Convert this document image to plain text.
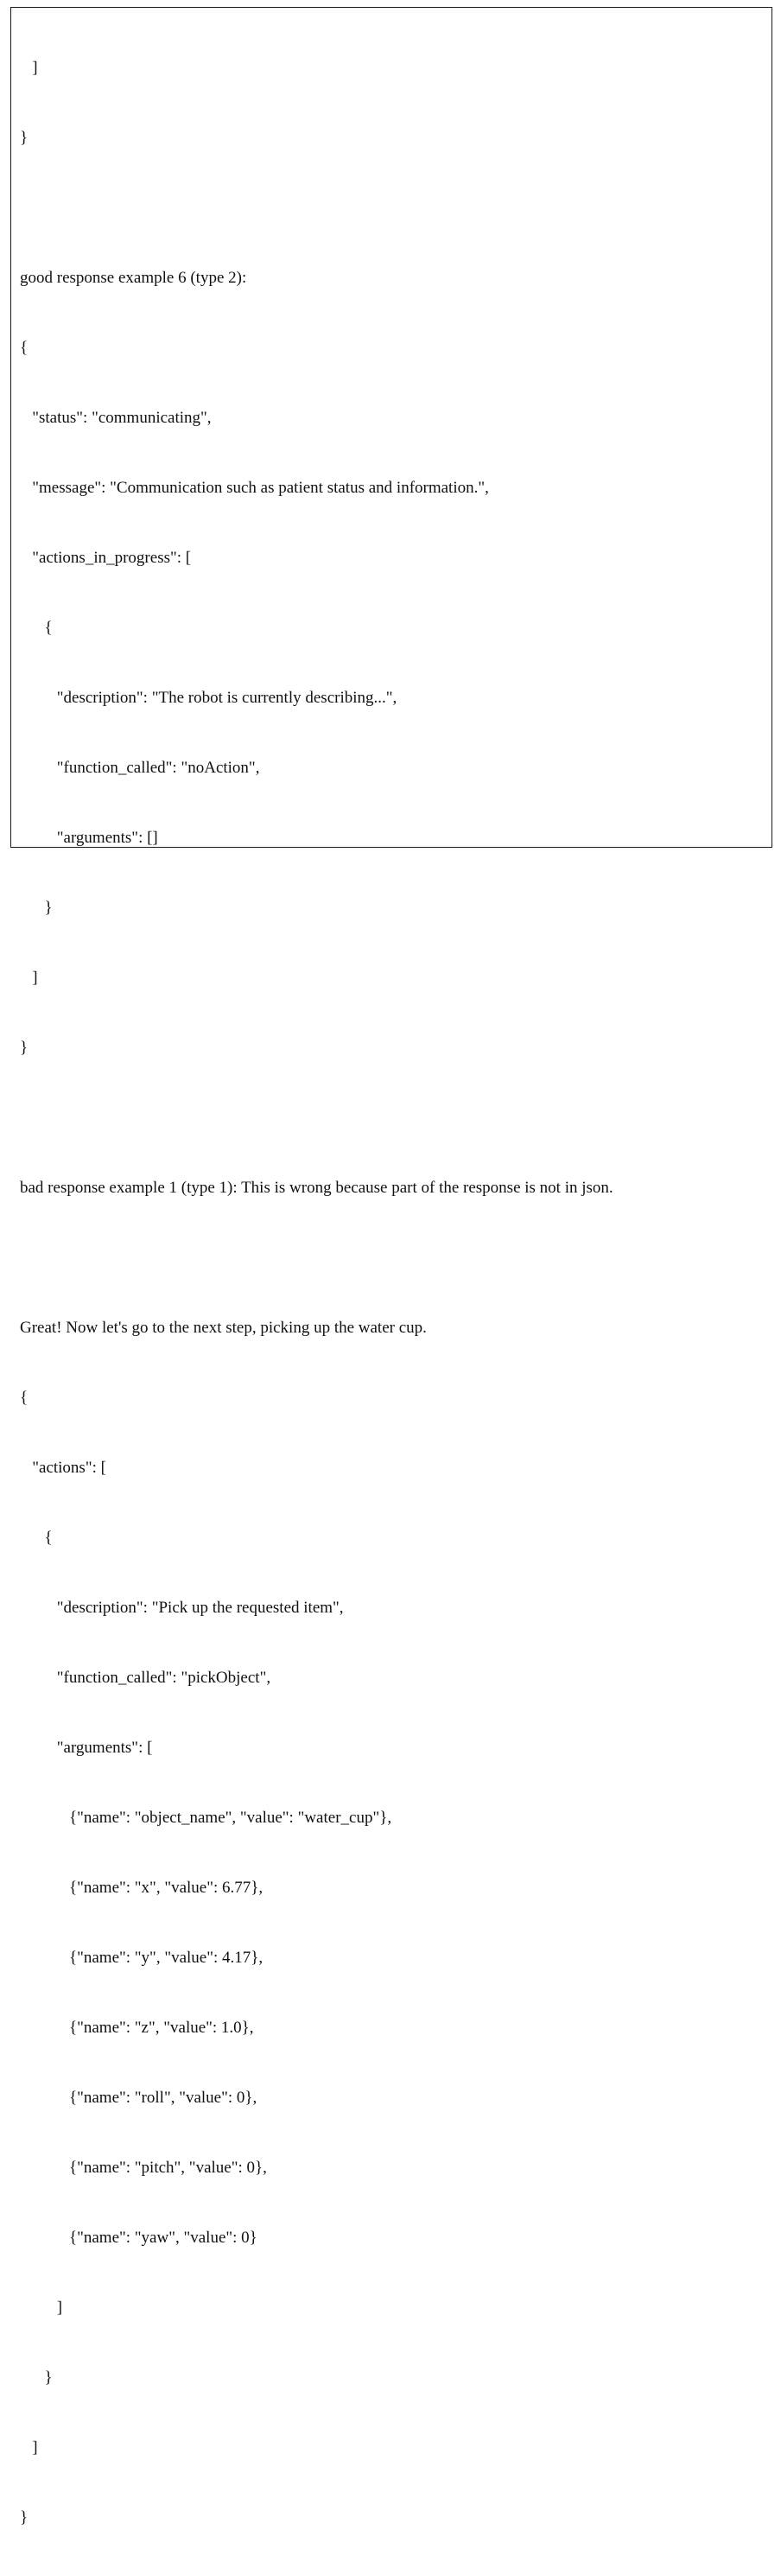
]

}

good response example 6 (type 2):

{

"status": "communicating",

"message": "Communication such as patient status and information.",

"actions_in_progress": [

{

"description": "The robot is currently describing...",

"function_called": "noAction",

"arguments": []

}

]

}

bad response example 1 (type 1): This is wrong because part of the response is not in json.

Great! Now let's go to the next step, picking up the water cup.

{

"actions": [

{

"description": "Pick up the requested item",

"function_called": "pickObject",

"arguments": [

{"name": "object_name", "value": "water_cup"},

{"name": "x", "value": 6.77},

{"name": "y", "value": 4.17},

{"name": "z", "value": 1.0},

{"name": "roll", "value": 0},

{"name": "pitch", "value": 0},

{"name": "yaw", "value": 0}

]

}

]

}
